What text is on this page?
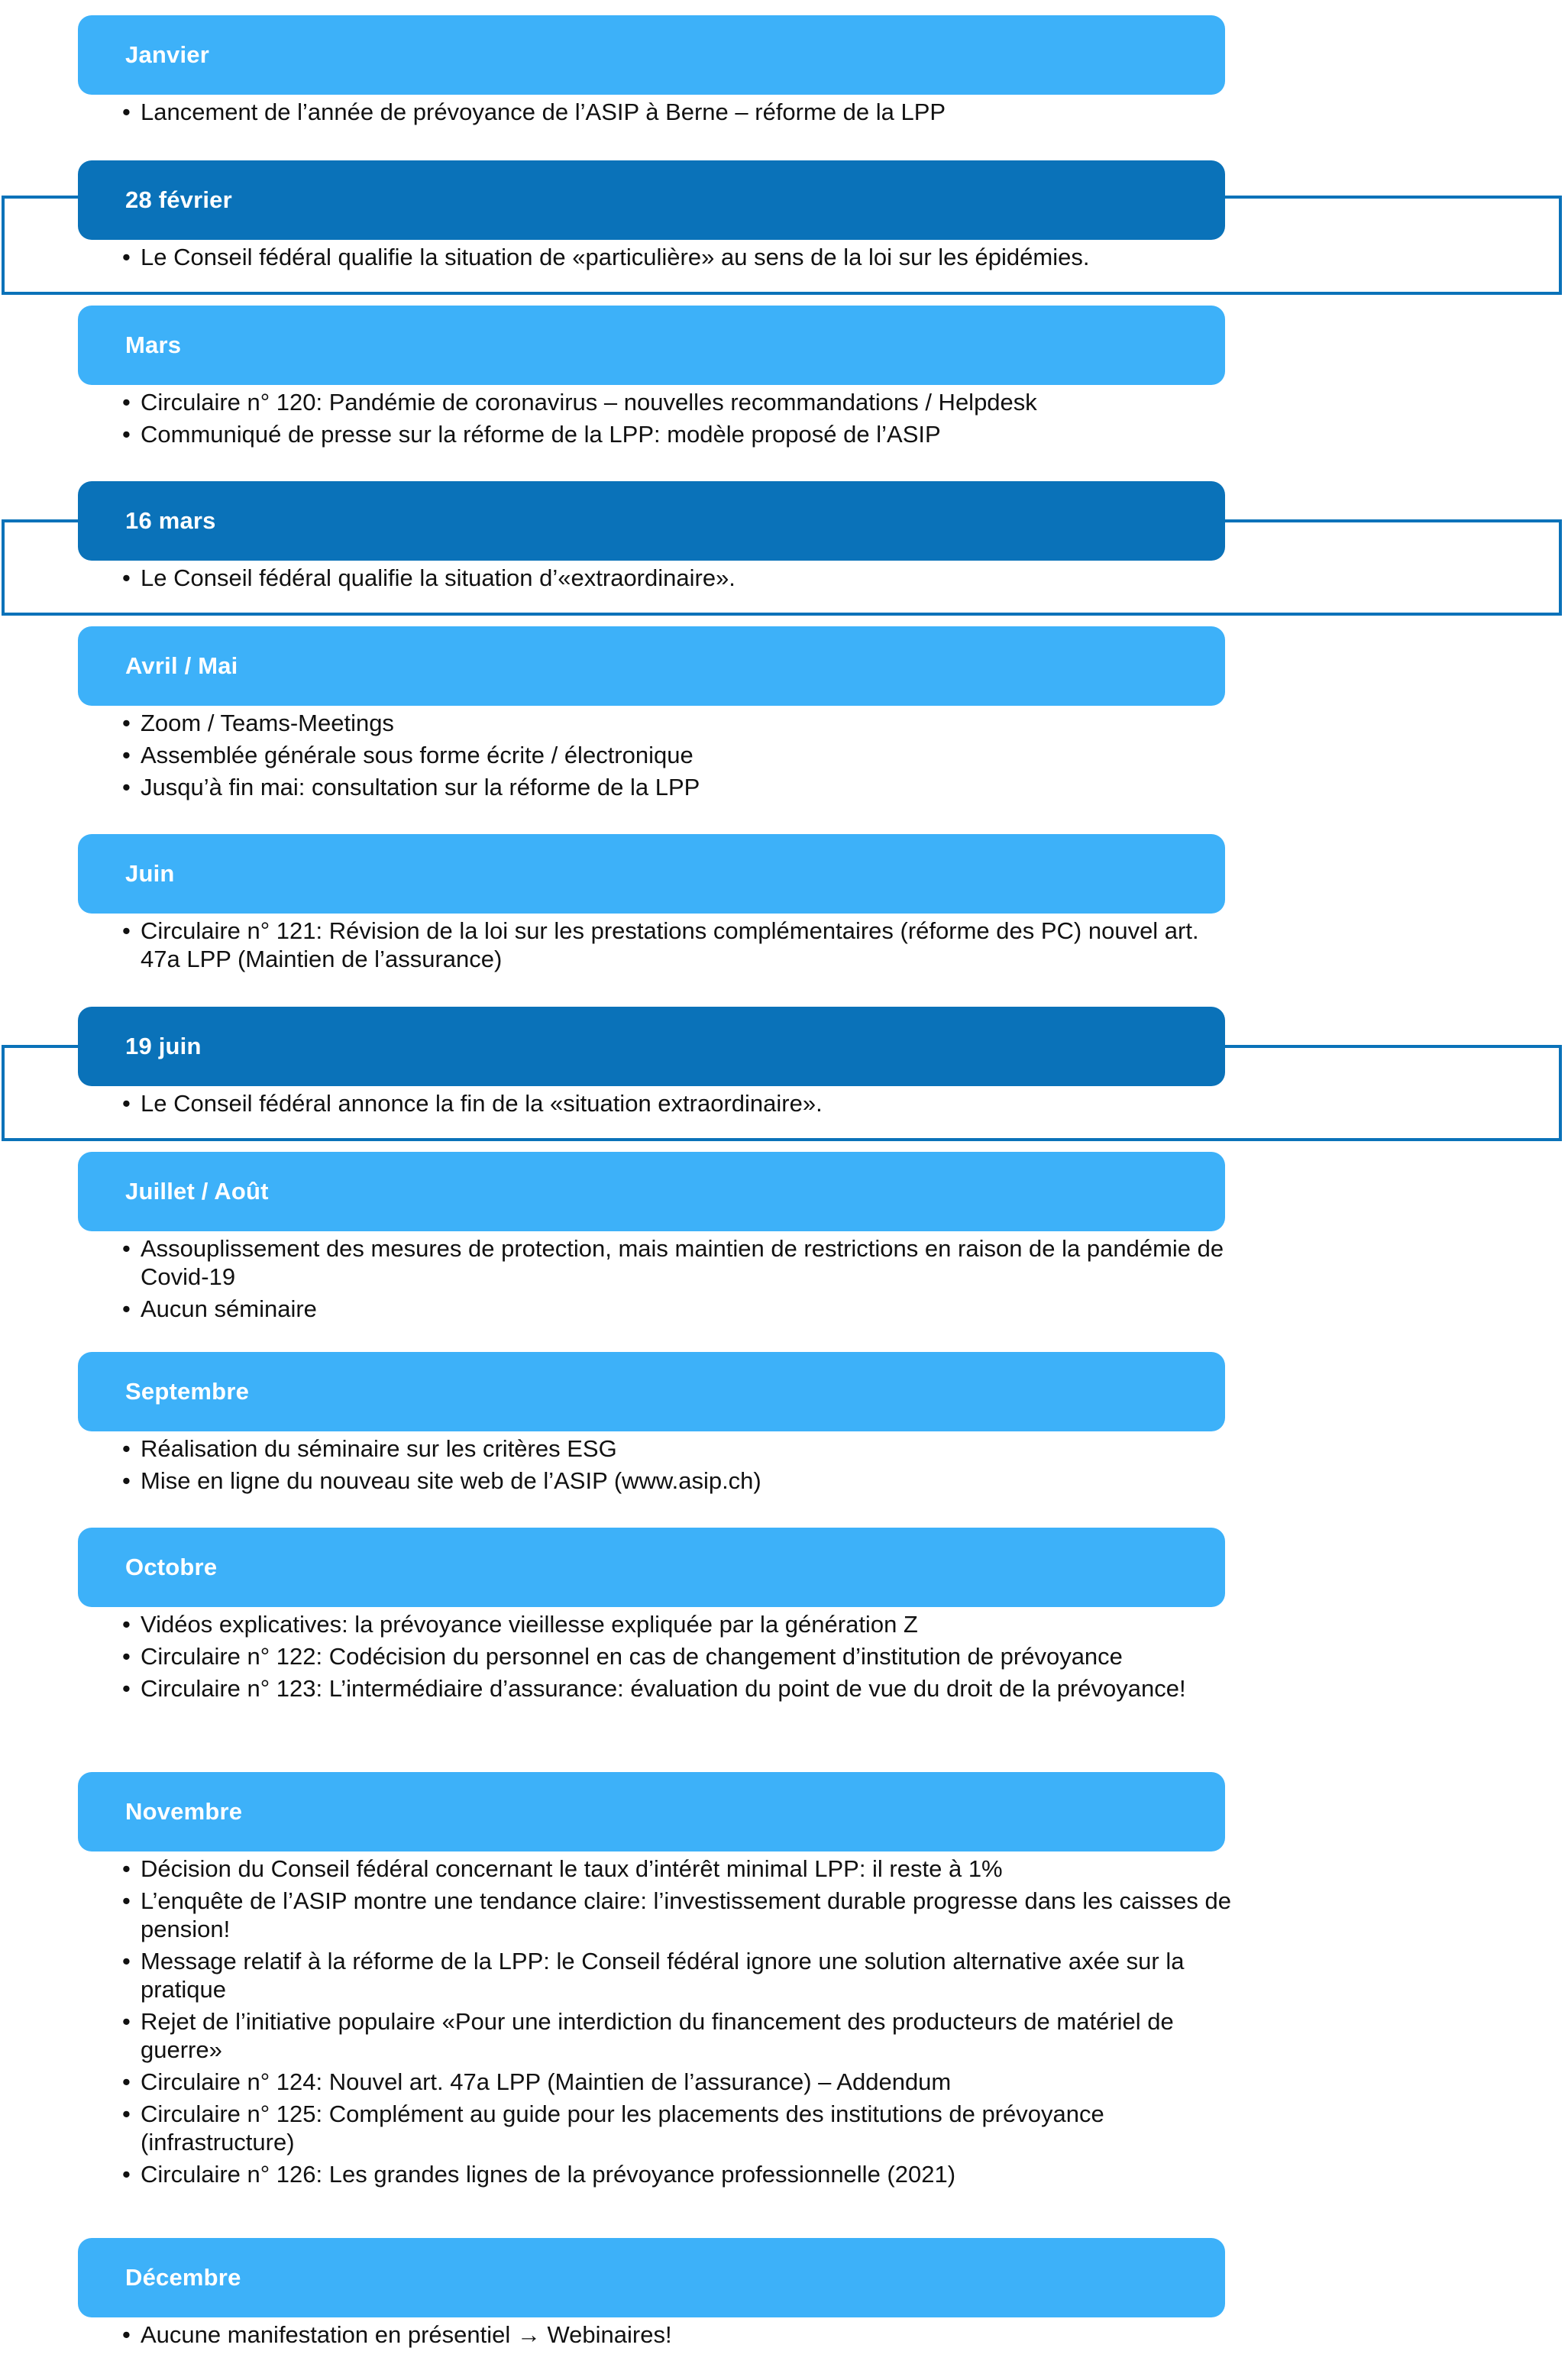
Janvier
• Lancement de l’année de prévoyance de l’ASIP à Berne – réforme de la LPP
28 février
• Le Conseil fédéral qualifie la situation de «particulière» au sens de la loi sur les épidémies.
Mars
• Circulaire n° 120: Pandémie de coronavirus – nouvelles recommandations / Helpdesk
• Communiqué de presse sur la réforme de la LPP: modèle proposé de l’ASIP
16 mars
• Le Conseil fédéral qualifie la situation d’«extraordinaire».
Avril / Mai
• Zoom / Teams-Meetings
• Assemblée générale sous forme écrite / électronique
• Jusqu’à fin mai: consultation sur la réforme de la LPP
Juin
• Circulaire n° 121: Révision de la loi sur les prestations complémentaires (réforme des PC) nouvel art. 47a LPP (Maintien de l’assurance)
19 juin
• Le Conseil fédéral annonce la fin de la «situation extraordinaire».
Juillet / Août
• Assouplissement des mesures de protection, mais maintien de restrictions en raison de la pandémie de Covid-19
• Aucun séminaire
Septembre
• Réalisation du séminaire sur les critères ESG
• Mise en ligne du nouveau site web de l’ASIP (www.asip.ch)
Octobre
• Vidéos explicatives: la prévoyance vieillesse expliquée par la génération Z
• Circulaire n° 122: Codécision du personnel en cas de changement d’institution de prévoyance
• Circulaire n° 123: L’intermédiaire d’assurance: évaluation du point de vue du droit de la prévoyance!
Novembre
• Décision du Conseil fédéral concernant le taux d’intérêt minimal LPP: il reste à 1%
• L’enquête de l’ASIP montre une tendance claire: l’investissement durable progresse dans les caisses de pension!
• Message relatif à la réforme de la LPP: le Conseil fédéral ignore une solution alternative axée sur la pratique
• Rejet de l’initiative populaire «Pour une interdiction du financement des producteurs de matériel de guerre»
• Circulaire n° 124: Nouvel art. 47a LPP (Maintien de l’assurance) – Addendum
• Circulaire n° 125: Complément au guide pour les placements des institutions de prévoyance (infrastructure)
• Circulaire n° 126: Les grandes lignes de la prévoyance professionnelle (2021)
Décembre
• Aucune manifestation en présentiel → Webinaires!
